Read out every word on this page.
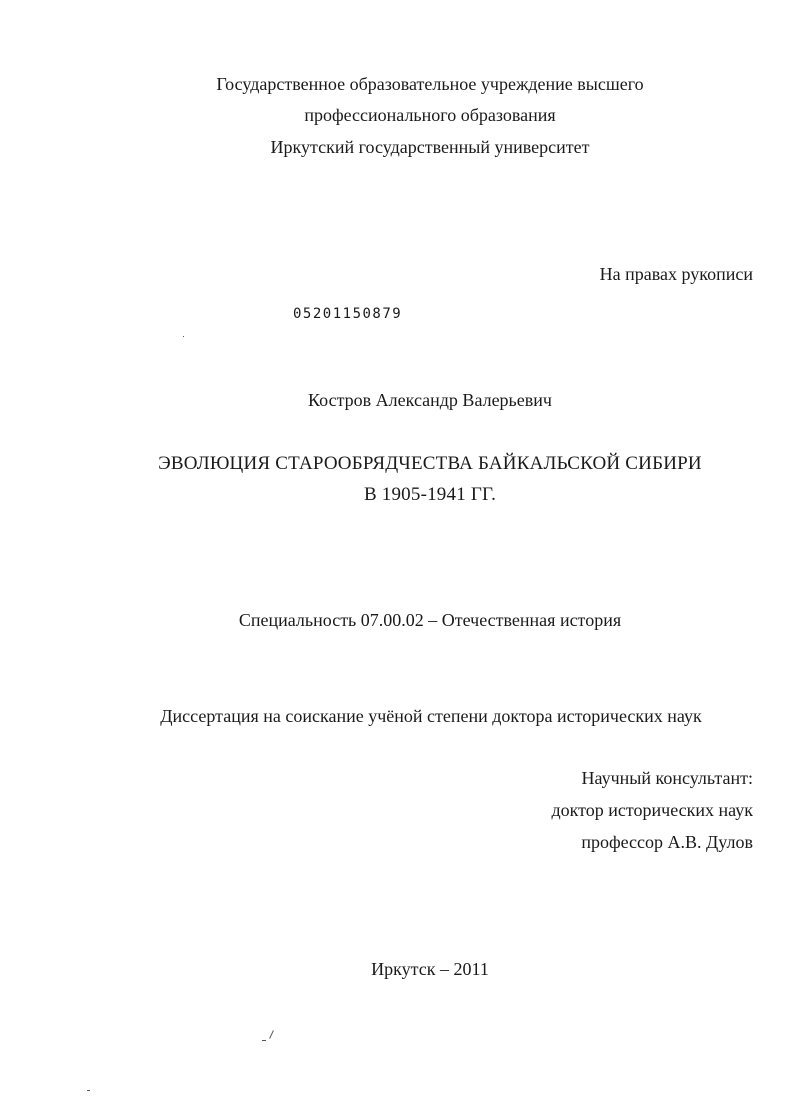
Государственное образовательное учреждение высшего
профессионального образования
Иркутский государственный университет
На правах рукописи
05201150879
Костров Александр Валерьевич
ЭВОЛЮЦИЯ СТАРООБРЯДЧЕСТВА БАЙКАЛЬСКОЙ СИБИРИ
В 1905-1941 ГГ.
Специальность 07.00.02 – Отечественная история
Диссертация на соискание учёной степени доктора исторических наук
Научный консультант:
доктор исторических наук
профессор А.В. Дулов
Иркутск – 2011
